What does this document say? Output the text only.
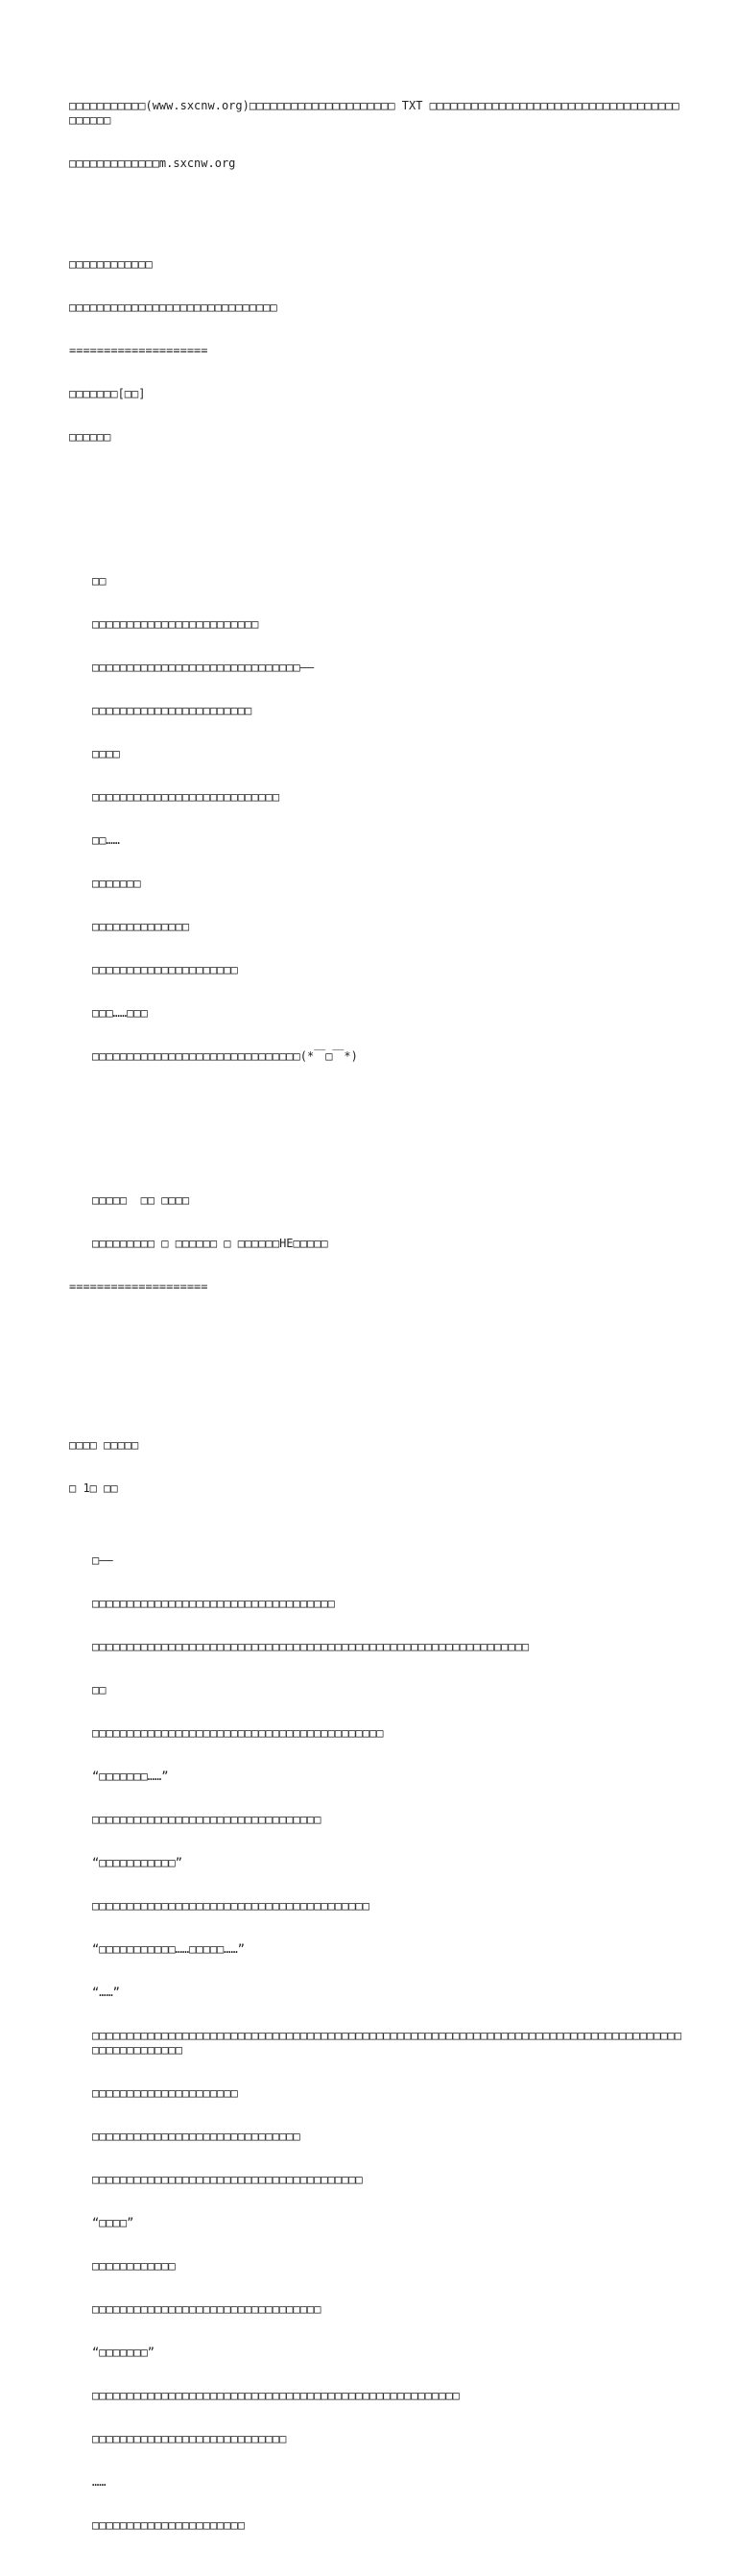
□□□□□□□□□□□(www.sxcnw.org)□□□□□□□□□□□□□□□□□□□□□ TXT □□□□□□□□□□□□□□□□□□□□□□□□□□□□□□□□□□□□□□□□□□

□□□□□□□□□□□□□m.sxcnw.org

□□□□□□□□□□□□

□□□□□□□□□□□□□□□□□□□□□□□□□□□□□□

====================

□□□□□□□[□□]

□□□□□□

□□

□□□□□□□□□□□□□□□□□□□□□□□□

□□□□□□□□□□□□□□□□□□□□□□□□□□□□□□——

□□□□□□□□□□□□□□□□□□□□□□□

□□□□

□□□□□□□□□□□□□□□□□□□□□□□□□□□

□□……

□□□□□□□

□□□□□□□□□□□□□□

□□□□□□□□□□□□□□□□□□□□□

□□□……□□□

□□□□□□□□□□□□□□□□□□□□□□□□□□□□□□(*￣□￣*)

□□□□□  □□ □□□□

□□□□□□□□□ □ □□□□□□ □ □□□□□□HE□□□□□

====================

□□□□ □□□□□

□ 1□ □□

□——

□□□□□□□□□□□□□□□□□□□□□□□□□□□□□□□□□□□

□□□□□□□□□□□□□□□□□□□□□□□□□□□□□□□□□□□□□□□□□□□□□□□□□□□□□□□□□□□□□□□

□□

□□□□□□□□□□□□□□□□□□□□□□□□□□□□□□□□□□□□□□□□□□

“□□□□□□□……”

□□□□□□□□□□□□□□□□□□□□□□□□□□□□□□□□□

“□□□□□□□□□□□”

□□□□□□□□□□□□□□□□□□□□□□□□□□□□□□□□□□□□□□□□

“□□□□□□□□□□□……□□□□□……”

“……”

□□□□□□□□□□□□□□□□□□□□□□□□□□□□□□□□□□□□□□□□□□□□□□□□□□□□□□□□□□□□□□□□□□□□□□□□□□□□□□□□□□□□□□□□□□□□□□□□□□

□□□□□□□□□□□□□□□□□□□□□

□□□□□□□□□□□□□□□□□□□□□□□□□□□□□□

□□□□□□□□□□□□□□□□□□□□□□□□□□□□□□□□□□□□□□□

“□□□□”

□□□□□□□□□□□□

□□□□□□□□□□□□□□□□□□□□□□□□□□□□□□□□□

“□□□□□□□”

□□□□□□□□□□□□□□□□□□□□□□□□□□□□□□□□□□□□□□□□□□□□□□□□□□□□□

□□□□□□□□□□□□□□□□□□□□□□□□□□□□

……

□□□□□□□□□□□□□□□□□□□□□□
